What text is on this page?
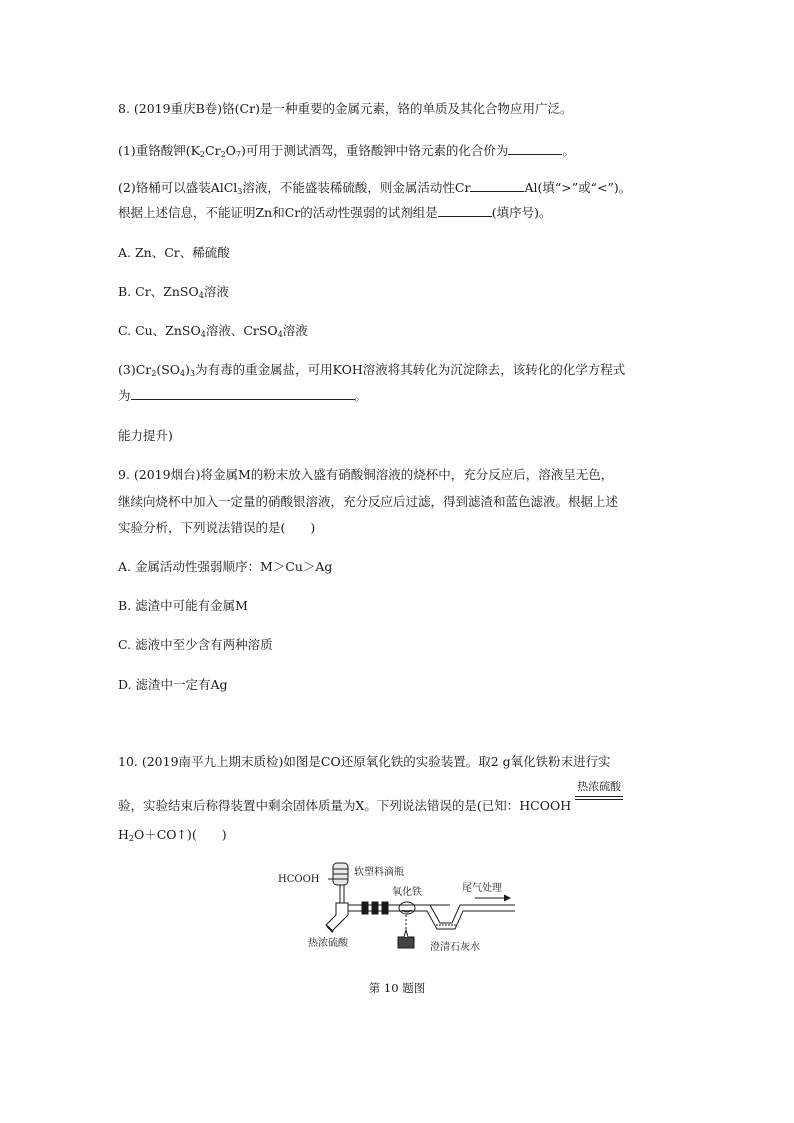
8. (2019重庆B卷)铬(Cr)是一种重要的金属元素，铬的单质及其化合物应用广泛。
(1)重铬酸钾$(K_2Cr_2O_7)$可用于测试酒驾，重铬酸钾中铬元素的化合价为	。
(2)铬桶可以盛装AlCl$_3$溶液，不能盛装稀硫酸，则金属活动性Cr	Al(填“>”或“<”)。
根据上述信息，不能证明Zn和Cr的活动性强弱的试剂组是	(填序号)。
A. Zn、Cr、稀硫酸
B. Cr、ZnSO$_4$溶液
C. Cu、ZnSO$_4$溶液、CrSO$_4$溶液
$(3)Cr_2(SO_4)_3$为有毒的重金属盐，可用KOH溶液将其转化为沉淀除去，该转化的化学方程式
为	。
能力提升)
9. (2019烟台)将金属M的粉末放入盛有硝酸铜溶液的烧杯中，充分反应后，溶液呈无色，
继续向烧杯中加入一定量的硝酸银溶液，充分反应后过滤，得到滤渣和蓝色滤液。根据上述
实验分析，下列说法错误的是(　　)
A. 金属活动性强弱顺序：M＞Cu＞Ag
B. 滤渣中可能有金属M
C. 滤液中至少含有两种溶质
D. 滤渣中一定有Ag
10. (2019南平九上期末质检)如图是CO还原氧化铁的实验装置。取2 g氧化铁粉末进行实
验，实验结束后称得装置中剩余固体质量为X。下列说法错误的是(已知：HCOOH
热浓硫酸
$H_2O+CO↑$)(　　)
HCOOH
软塑料滴瓶
氧化铁	尾气处理
热浓硫酸	澄清石灰水
第 10 题图
